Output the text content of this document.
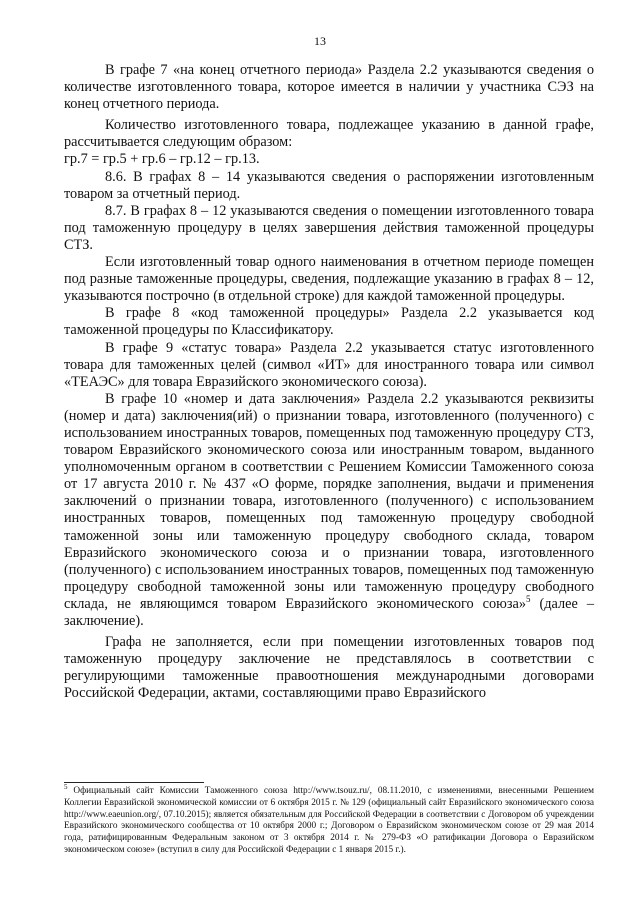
13

В графе 7 «на конец отчетного периода» Раздела 2.2 указываются сведения о количестве изготовленного товара, которое имеется в наличии у участника СЭЗ на конец отчетного периода.

Количество изготовленного товара, подлежащее указанию в данной графе, рассчитывается следующим образом:

гр.7 = гр.5 + гр.6 – гр.12 – гр.13.

8.6. В графах 8 – 14 указываются сведения о распоряжении изготовленным товаром за отчетный период.

8.7. В графах 8 – 12 указываются сведения о помещении изготовленного товара под таможенную процедуру в целях завершения действия таможенной процедуры СТЗ.

Если изготовленный товар одного наименования в отчетном периоде помещен под разные таможенные процедуры, сведения, подлежащие указанию в графах 8 – 12, указываются построчно (в отдельной строке) для каждой таможенной процедуры.

В графе 8 «код таможенной процедуры» Раздела 2.2 указывается код таможенной процедуры по Классификатору.

В графе 9 «статус товара» Раздела 2.2 указывается статус изготовленного товара для таможенных целей (символ «ИТ» для иностранного товара или символ «ТЕАЭС» для товара Евразийского экономического союза).

В графе 10 «номер и дата заключения» Раздела 2.2 указываются реквизиты (номер и дата) заключения(ий) о признании товара, изготовленного (полученного) с использованием иностранных товаров, помещенных под таможенную процедуру СТЗ, товаром Евразийского экономического союза или иностранным товаром, выданного уполномоченным органом в соответствии с Решением Комиссии Таможенного союза от 17 августа 2010 г. № 437 «О форме, порядке заполнения, выдачи и применения заключений о признании товара, изготовленного (полученного) с использованием иностранных товаров, помещенных под таможенную процедуру свободной таможенной зоны или таможенную процедуру свободного склада, товаром Евразийского экономического союза и о признании товара, изготовленного (полученного) с использованием иностранных товаров, помещенных под таможенную процедуру свободной таможенной зоны или таможенную процедуру свободного склада, не являющимся товаром Евразийского экономического союза»$^5$ (далее – заключение).

Графа не заполняется, если при помещении изготовленных товаров под таможенную процедуру заключение не представлялось в соответствии с регулирующими таможенные правоотношения международными договорами Российской Федерации, актами, составляющими право Евразийского

$^5$ Официальный сайт Комиссии Таможенного союза http://www.tsouz.ru/, 08.11.2010, с изменениями, внесенными Решением Коллегии Евразийской экономической комиссии от 6 октября 2015 г. № 129 (официальный сайт Евразийского экономического союза http://www.eaeunion.org/, 07.10.2015); является обязательным для Российской Федерации в соответствии с Договором об учреждении Евразийского экономического сообщества от 10 октября 2000 г.; Договором о Евразийском экономическом союзе от 29 мая 2014 года, ратифицированным Федеральным законом от 3 октября 2014 г. № 279-ФЗ «О ратификации Договора о Евразийском экономическом союзе» (вступил в силу для Российской Федерации с 1 января 2015 г.).
